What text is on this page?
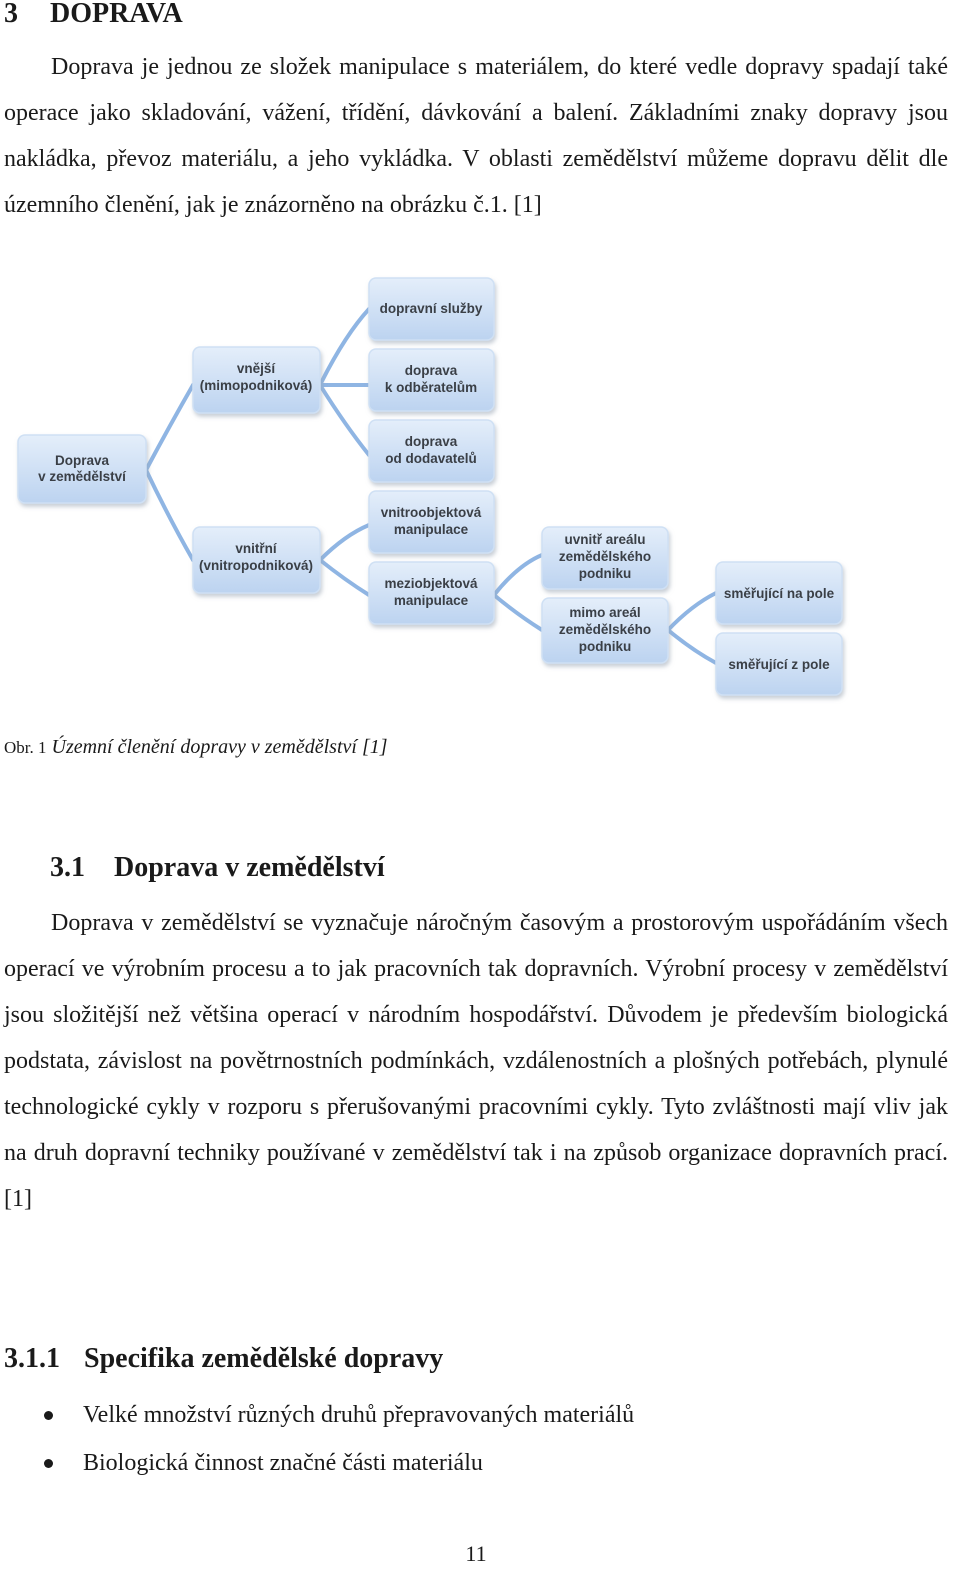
3 DOPRAVA

Doprava je jednou ze složek manipulace s materiálem, do které vedle dopravy spadají také operace jako skladování, vážení, třídění, dávkování a balení. Základními znaky dopravy jsou nakládka, převoz materiálu, a jeho vykládka. V oblasti zemědělství můžeme dopravu dělit dle územního členění, jak je znázorněno na obrázku č.1. [1]

Doprava
v zemědělství
vnější
(mimopodniková)
vnitřní
(vnitropodniková)
dopravní služby
doprava
k odběratelům
doprava
od dodavatelů
vnitroobjektová
manipulace
meziobjektová
manipulace
uvnitř areálu
zemědělského
podniku
mimo areál
zemědělského
podniku
směřující na pole
směřující z pole
Obr. 1 Územní členění dopravy v zemědělství [1]
3.1 Doprava v zemědělství

Doprava v zemědělství se vyznačuje náročným časovým a prostorovým uspořádáním všech operací ve výrobním procesu a to jak pracovních tak dopravních. Výrobní procesy v zemědělství jsou složitější než většina operací v národním hospodářství. Důvodem je především biologická podstata, závislost na povětrnostních podmínkách, vzdálenostních a plošných potřebách, plynulé technologické cykly v rozporu s přerušovanými pracovními cykly. Tyto zvláštnosti mají vliv jak na druh dopravní techniky používané v zemědělství tak i na způsob organizace dopravních prací.[1]

3.1.1 Specifika zemědělské dopravy
Velké množství různých druhů přepravovaných materiálů
Biologická činnost značné části materiálu
11
